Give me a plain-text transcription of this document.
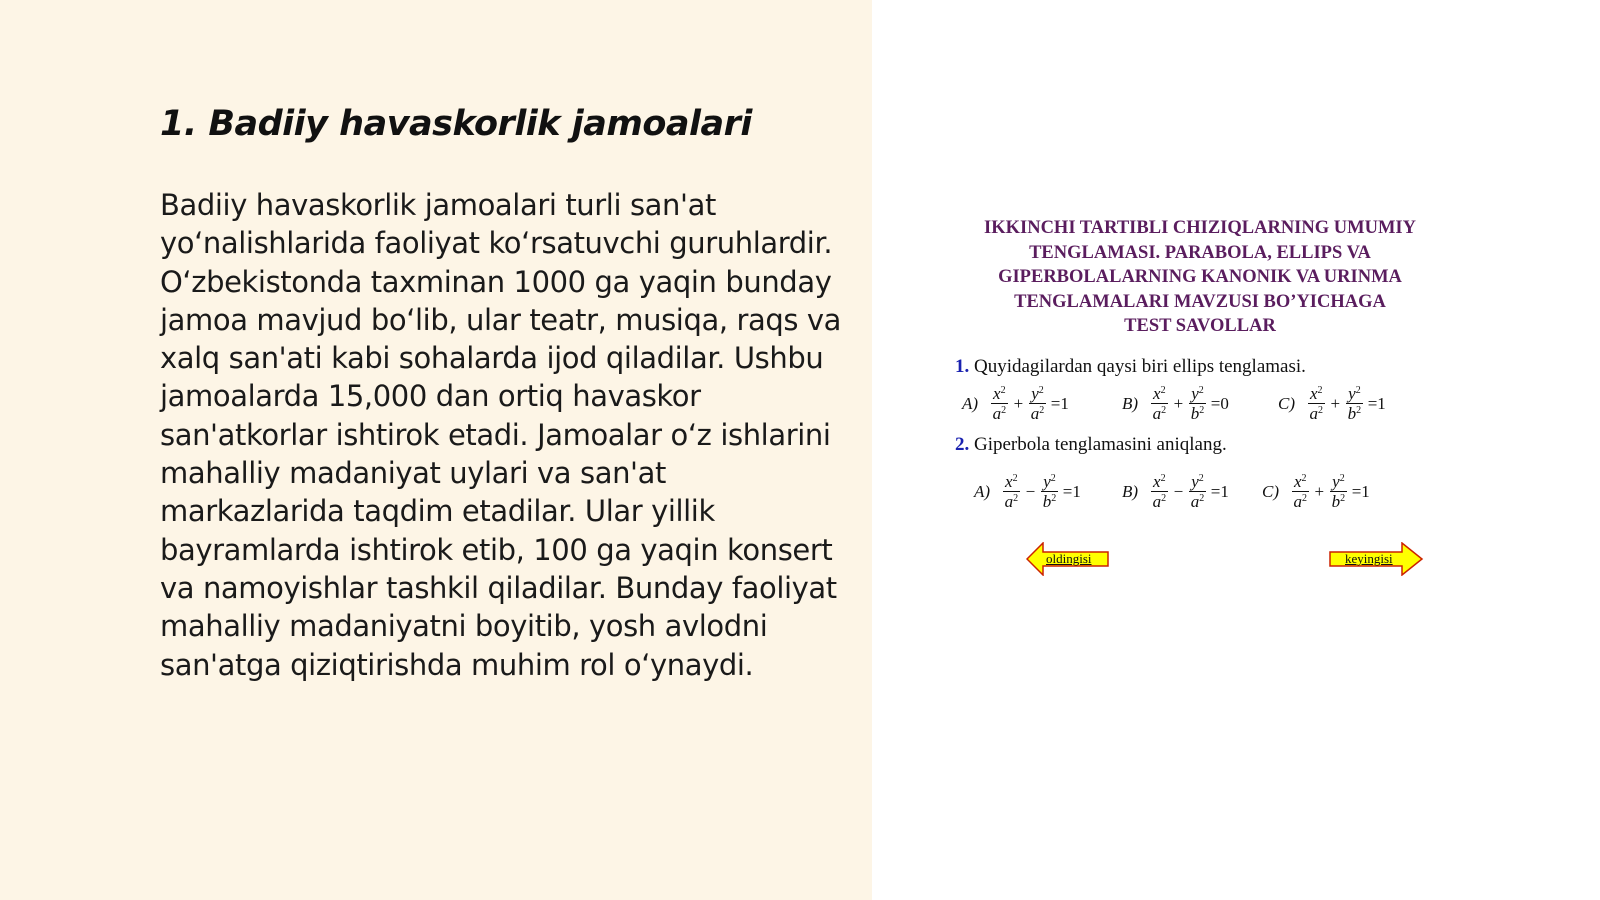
1. Badiiy havaskorlik jamoalari

Badiiy havaskorlik jamoalari turli san'at yo‘nalishlarida faoliyat ko‘rsatuvchi guruhlardir. O‘zbekistonda taxminan 1000 ga yaqin bunday jamoa mavjud bo‘lib, ular teatr, musiqa, raqs va xalq san'ati kabi sohalarda ijod qiladilar. Ushbu jamoalarda 15,000 dan ortiq havaskor san'atkorlar ishtirok etadi. Jamoalar o‘z ishlarini mahalliy madaniyat uylari va san'at markazlarida taqdim etadilar. Ular yillik bayramlarda ishtirok etib, 100 ga yaqin konsert va namoyishlar tashkil qiladilar. Bunday faoliyat mahalliy madaniyatni boyitib, yosh avlodni san'atga qiziqtirishda muhim rol o‘ynaydi.

IKKINCHI TARTIBLI CHIZIQLARNING UMUMIY
TENGLAMASI. PARABOLA, ELLIPS VA
GIPERBOLALARNING KANONIK VA URINMA
TENGLAMALARI MAVZUSI BO’YICHAGA
TEST SAVOLLAR

1. Quyidagilardan qaysi biri ellips tenglamasi.

$A) \frac{x^2}{a^2} + \frac{y^2}{a^2} =1$	$B) \frac{x^2}{a^2} + \frac{y^2}{b^2} =0$	$C) \frac{x^2}{a^2} + \frac{y^2}{b^2} =1$

2. Giperbola tenglamasini aniqlang.

$A) \frac{x^2}{a^2} - \frac{y^2}{b^2} =1$ $B) \frac{x^2}{a^2} - \frac{y^2}{a^2} =1$ $C) \frac{x^2}{a^2} + \frac{y^2}{b^2} =1$
oldingisi	keyingisi
